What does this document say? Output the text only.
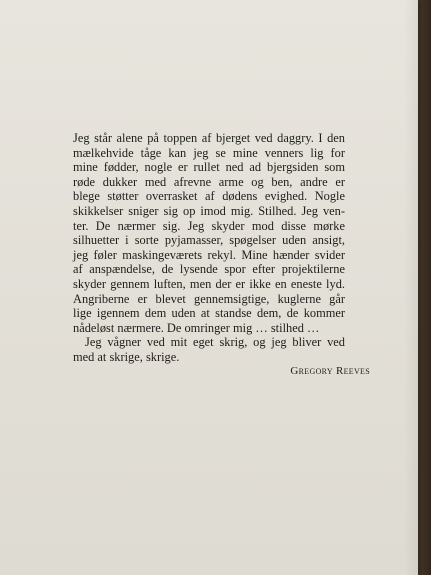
Jeg står alene på toppen af bjerget ved daggry. I den
mælkehvide tåge kan jeg se mine venners lig for
mine fødder, nogle er rullet ned ad bjergsiden som
røde dukker med afrevne arme og ben, andre er
blege støtter overrasket af dødens evighed. Nogle
skikkelser sniger sig op imod mig. Stilhed. Jeg ven-
ter. De nærmer sig. Jeg skyder mod disse mørke
silhuetter i sorte pyjamasser, spøgelser uden ansigt,
jeg føler maskingeværets rekyl. Mine hænder svider
af anspændelse, de lysende spor efter projektilerne
skyder gennem luften, men der er ikke en eneste lyd.
Angriberne er blevet gennemsigtige, kuglerne går
lige igennem dem uden at standse dem, de kommer
nådeløst nærmere. De omringer mig … stilhed …
Jeg vågner ved mit eget skrig, og jeg bliver ved
med at skrige, skrige.
Gregory Reeves
